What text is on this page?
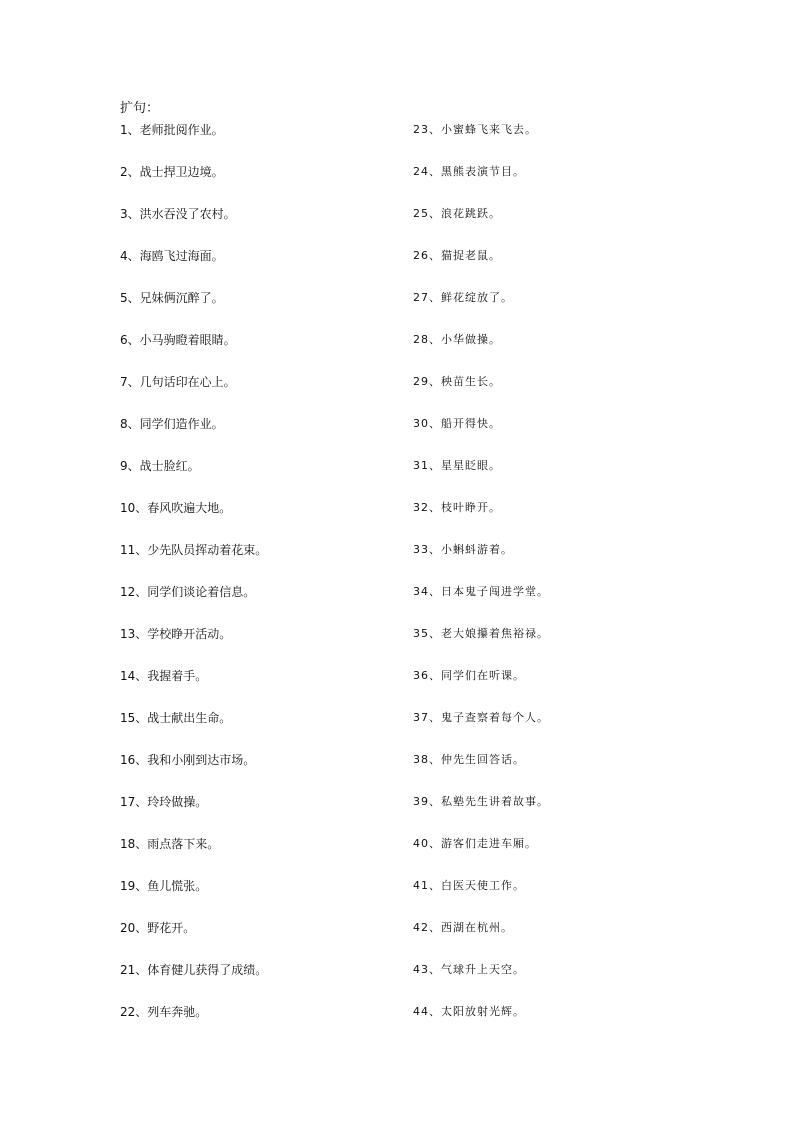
扩句：
1、老师批阅作业。
2、战士捍卫边境。
3、洪水吞没了农村。
4、海鸥飞过海面。
5、兄妹俩沉醉了。
6、小马驹瞪着眼睛。
7、几句话印在心上。
8、同学们造作业。
9、战士脸红。
10、春风吹遍大地。
11、少先队员挥动着花束。
12、同学们谈论着信息。
13、学校睁开活动。
14、我握着手。
15、战士献出生命。
16、我和小刚到达市场。
17、玲玲做操。
18、雨点落下来。
19、鱼儿慌张。
20、野花开。
21、体育健儿获得了成绩。
22、列车奔驰。
23、小蜜蜂飞来飞去。
24、黑熊表演节目。
25、浪花跳跃。
26、猫捉老鼠。
27、鲜花绽放了。
28、小华做操。
29、秧苗生长。
30、船开得快。
31、星星眨眼。
32、枝叶睁开。
33、小蝌蚪游着。
34、日本鬼子闯进学堂。
35、老大娘攥着焦裕禄。
36、同学们在听课。
37、鬼子查察着每个人。
38、仲先生回答话。
39、私塾先生讲着故事。
40、游客们走进车厢。
41、白医天使工作。
42、西湖在杭州。
43、气球升上天空。
44、太阳放射光辉。
